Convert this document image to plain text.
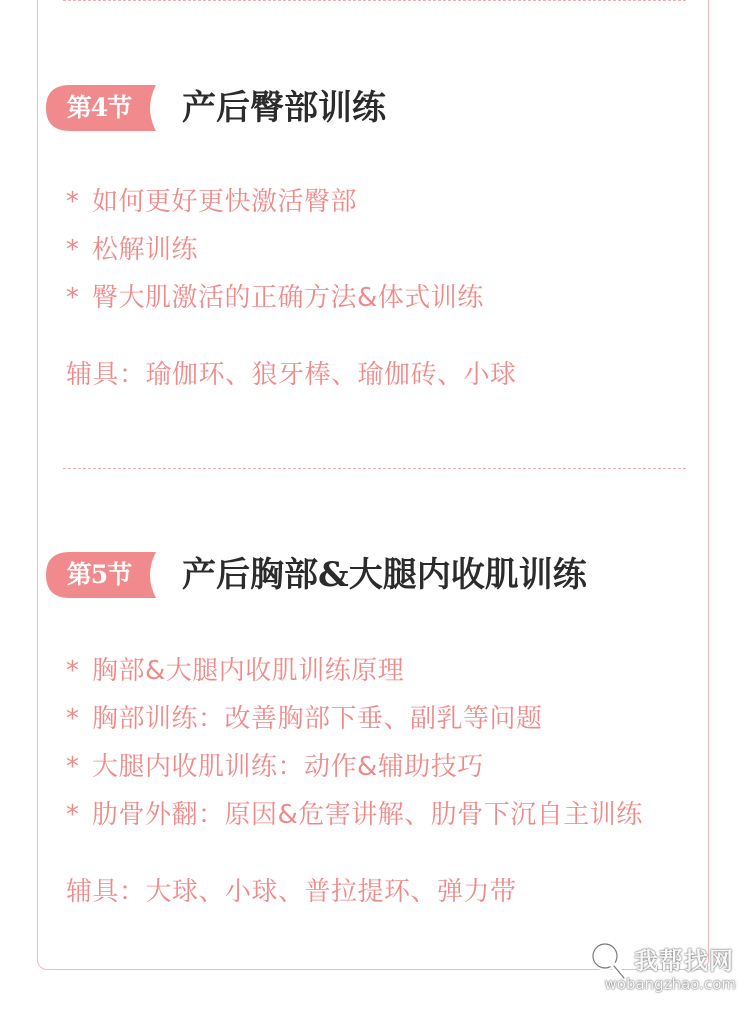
第4节	产后臀部训练
* 如何更好更快激活臀部
* 松解训练
* 臀大肌激活的正确方法&体式训练
辅具：瑜伽环、狼牙棒、瑜伽砖、小球
第5节	产后胸部&大腿内收肌训练
* 胸部&大腿内收肌训练原理
* 胸部训练：改善胸部下垂、副乳等问题
* 大腿内收肌训练：动作&辅助技巧
* 肋骨外翻：原因&危害讲解、肋骨下沉自主训练
辅具：大球、小球、普拉提环、弹力带
我帮找网
wobangzhao.com
